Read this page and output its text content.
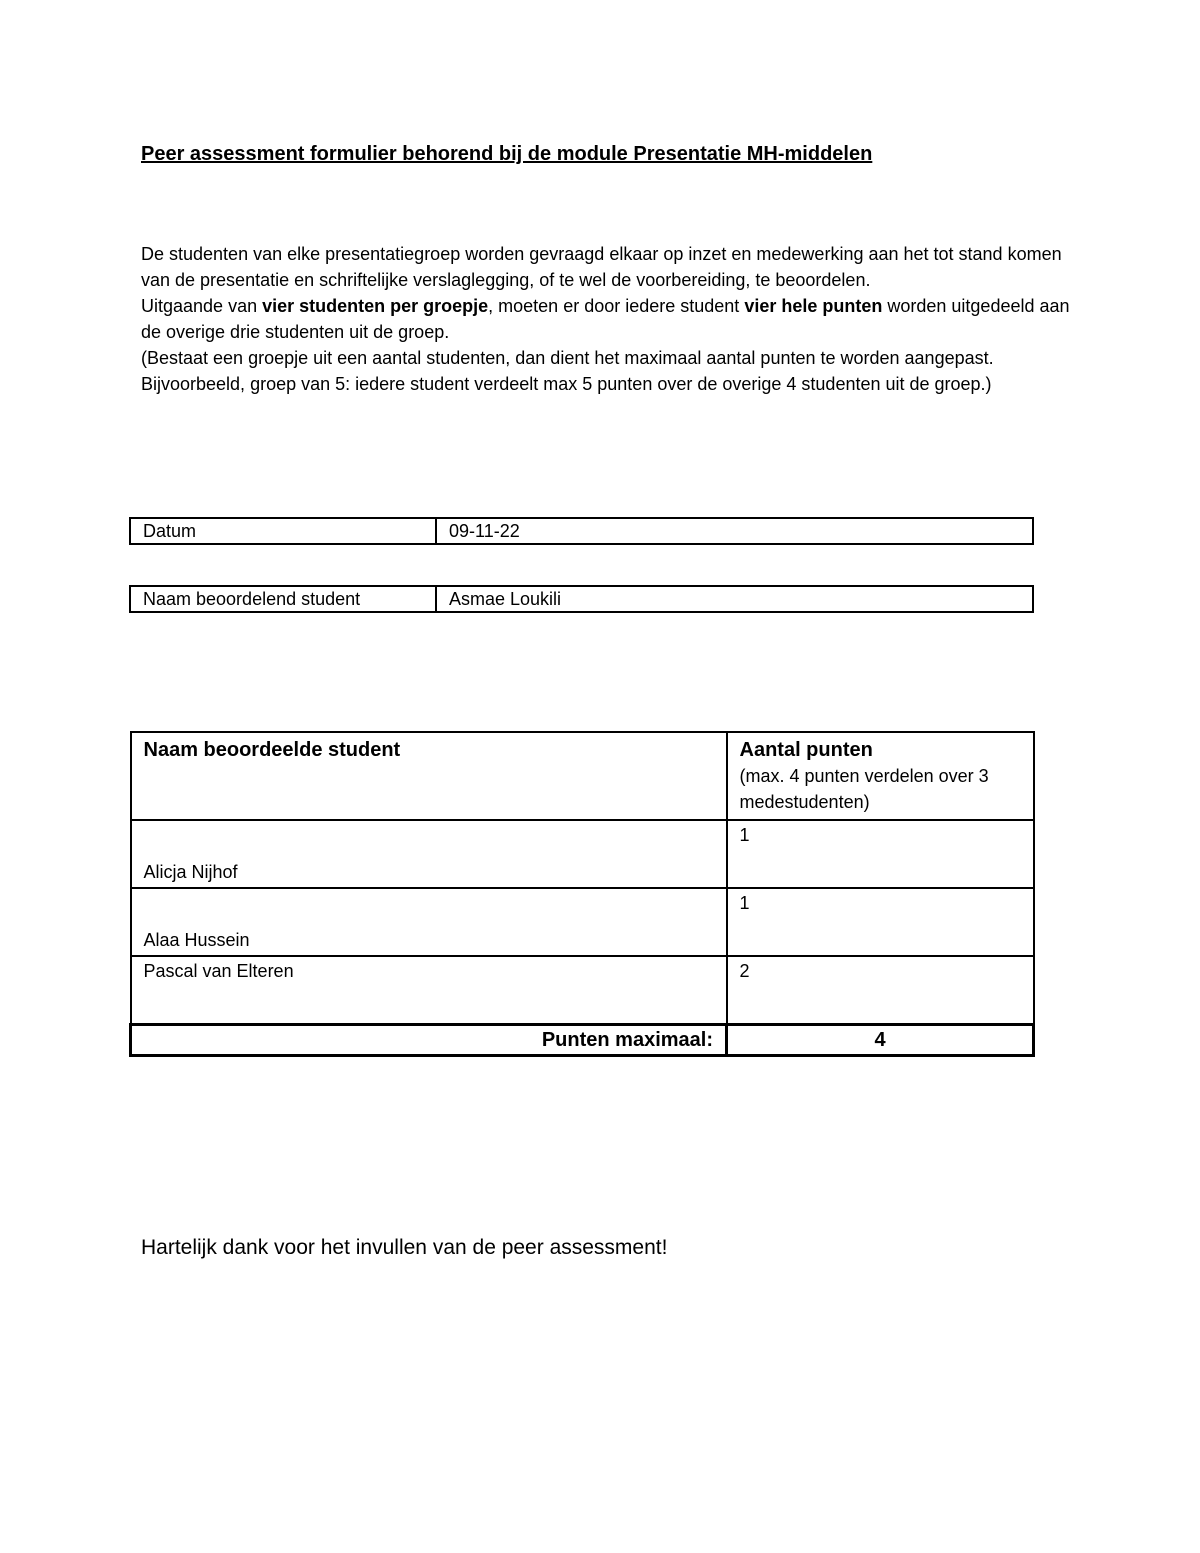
Peer assessment formulier behorend bij de module Presentatie MH-middelen

De studenten van elke presentatiegroep worden gevraagd elkaar op inzet en medewerking aan het tot stand komen van de presentatie en schriftelijke verslaglegging, of te wel de voorbereiding, te beoordelen.

Uitgaande van vier studenten per groepje, moeten er door iedere student vier hele punten worden uitgedeeld aan de overige drie studenten uit de groep.

(Bestaat een groepje uit een aantal studenten, dan dient het maximaal aantal punten te worden aangepast. Bijvoorbeeld, groep van 5: iedere student verdeelt max 5 punten over de overige 4 studenten uit de groep.)

Datum	09-11-22
Naam beoordelend student	Asmae Loukili
Naam beoordeelde student	Aantal punten
(max. 4 punten verdelen over 3 medestudenten)

Alicja Nijhof	1

Alaa Hussein	1

Pascal van Elteren	2
Punten maximaal:	4
Hartelijk dank voor het invullen van de peer assessment!
